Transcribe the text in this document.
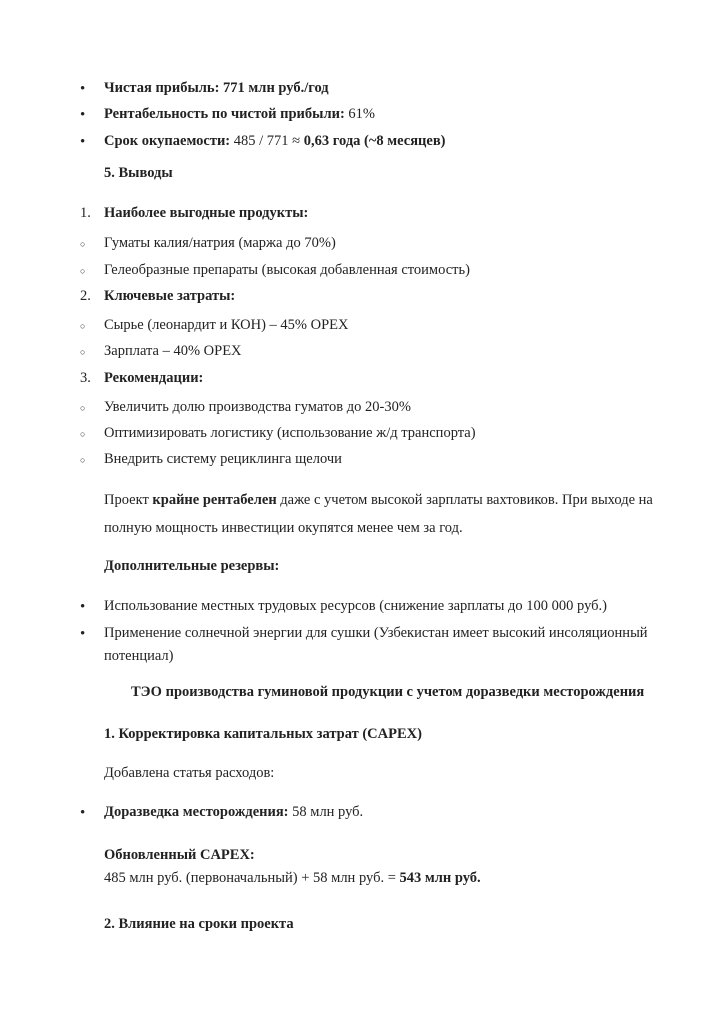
•
Чистая прибыль: 771 млн руб./год
•
Рентабельность по чистой прибыли: 61%
•
Срок окупаемости: 485 / 771 ≈ 0,63 года (~8 месяцев)
5. Выводы
1. Наиболее выгодные продукты:
○
Гуматы калия/натрия (маржа до 70%)
○
Гелеобразные препараты (высокая добавленная стоимость)
2. Ключевые затраты:
○
Сырье (леонардит и КОН) – 45% OPEX
○
Зарплата – 40% OPEX
3. Рекомендации:
○
Увеличить долю производства гуматов до 20-30%
○
Оптимизировать логистику (использование ж/д транспорта)
○
Внедрить систему рециклинга щелочи
Проект крайне рентабелен даже с учетом высокой зарплаты вахтовиков. При выходе на
полную мощность инвестиции окупятся менее чем за год.
Дополнительные резервы:
•
Использование местных трудовых ресурсов (снижение зарплаты до 100 000 руб.)
•
Применение солнечной энергии для сушки (Узбекистан имеет высокий инсоляционный
потенциал)
ТЭО производства гуминовой продукции с учетом доразведки месторождения
1. Корректировка капитальных затрат (CAPEX)
Добавлена статья расходов:
•
Доразведка месторождения: 58 млн руб.
Обновленный CAPEX:
485 млн руб. (первоначальный) + 58 млн руб. = 543 млн руб.
2. Влияние на сроки проекта
